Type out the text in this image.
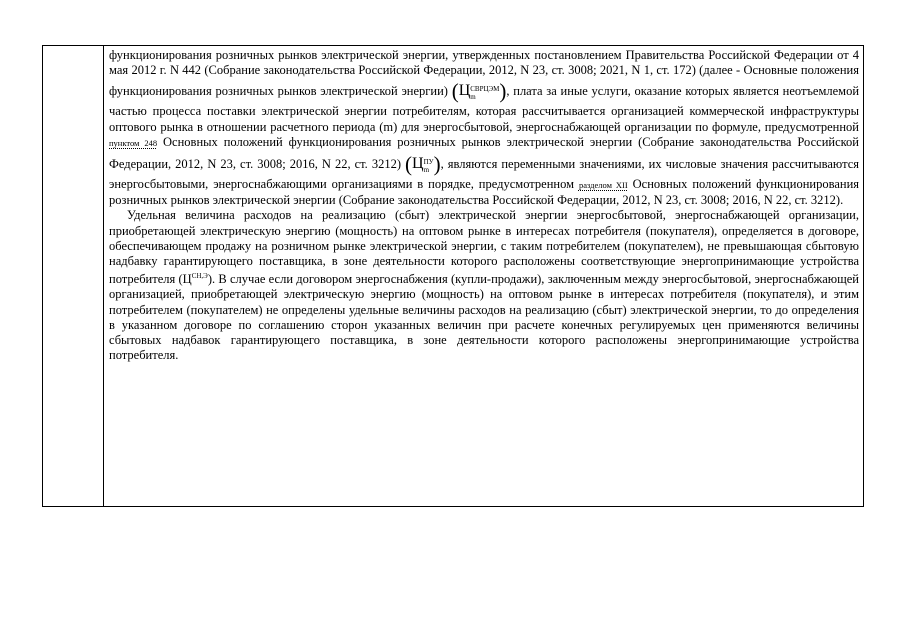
функционирования розничных рынков электрической энергии, утвержденных постановлением Правительства Российской Федерации от 4 мая 2012 г. N 442 (Собрание законодательства Российской Федерации, 2012, N 23, ст. 3008; 2021, N 1, ст. 172) (далее - Основные положения функционирования розничных рынков электрической энергии) (Ц СВРЦЭМ
m	), плата за иные услуги, оказание которых является неотъемлемой частью процесса поставки электрической энергии потребителям, которая рассчитывается организацией коммерческой инфраструктуры оптового рынка в отношении расчетного периода (m) для энергосбытовой, энергоснабжающей организации по формуле, предусмотренной пунктом 248 Основных положений функционирования розничных рынков электрической энергии (Собрание законодательства Российской Федерации, 2012, N 23, ст. 3008; 2016, N 22, ст. 3212) (Ц ПУ
m ), являются переменными значениями, их числовые значения рассчитываются энергосбытовыми, энергоснабжающими организациями в порядке, предусмотренном разделом XII Основных положений функционирования розничных рынков электрической энергии (Собрание законодательства Российской Федерации, 2012, N 23, ст. 3008; 2016, N 22, ст. 3212).

Удельная величина расходов на реализацию (сбыт) электрической энергии энергосбытовой, энергоснабжающей организации, приобретающей электрическую энергию (мощность) на оптовом рынке в интересах потребителя (покупателя), определяется в договоре, обеспечивающем продажу на розничном рынке электрической энергии, с таким потребителем (покупателем), не превышающая сбытовую надбавку гарантирующего поставщика, в зоне деятельности которого расположены соответствующие энергопринимающие устройства потребителя $(Ц^{СН,Э})$. В случае если договором энергоснабжения (купли-продажи), заключенным между энергосбытовой, энергоснабжающей организацией, приобретающей электрическую энергию (мощность) на оптовом рынке в интересах потребителя (покупателя), и этим потребителем (покупателем) не определены удельные величины расходов на реализацию (сбыт) электрической энергии, то до определения в указанном договоре по соглашению сторон указанных величин при расчете конечных регулируемых цен применяются величины сбытовых надбавок гарантирующего поставщика, в зоне деятельности которого расположены энергопринимающие устройства потребителя.
